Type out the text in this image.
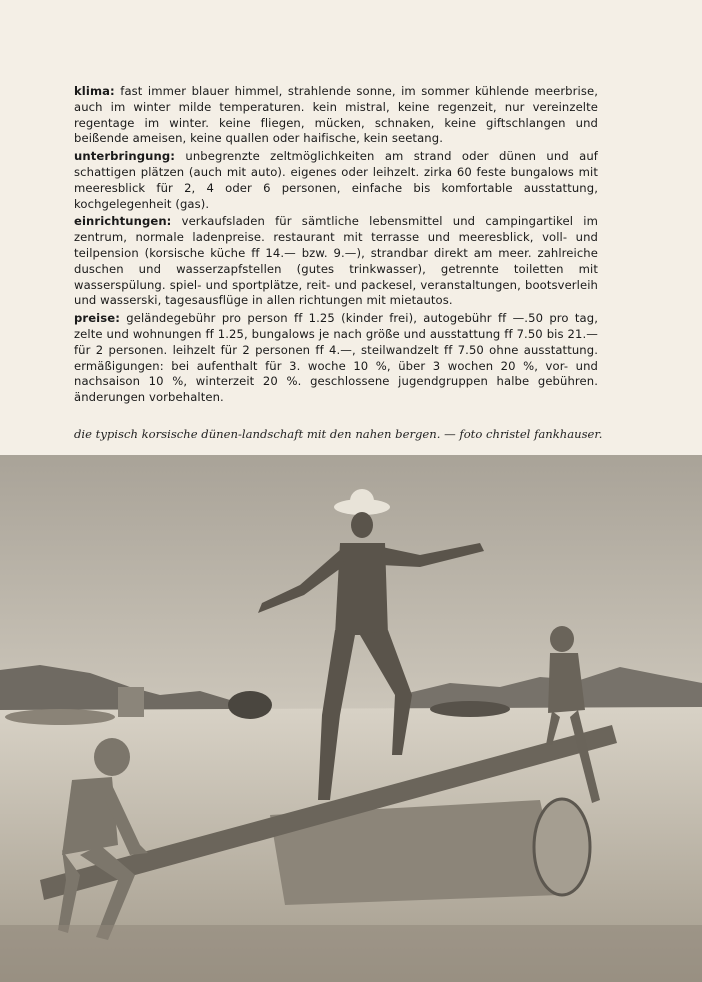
klima: fast immer blauer himmel, strahlende sonne, im sommer kühlende meerbrise, auch im winter milde temperaturen. kein mistral, keine regenzeit, nur vereinzelte regentage im winter. keine fliegen, mücken, schnaken, keine giftschlangen und beißende ameisen, keine quallen oder haifische, kein seetang.

unterbringung: unbegrenzte zeltmöglichkeiten am strand oder dünen und auf schattigen plätzen (auch mit auto). eigenes oder leihzelt. zirka 60 feste bungalows mit meeresblick für 2, 4 oder 6 personen, einfache bis komfortable ausstattung, kochgelegenheit (gas).

einrichtungen: verkaufsladen für sämtliche lebensmittel und campingartikel im zentrum, normale ladenpreise. restaurant mit terrasse und meeresblick, voll- und teilpension (korsische küche ff 14.— bzw. 9.—), strandbar direkt am meer. zahlreiche duschen und wasserzapfstellen (gutes trinkwasser), getrennte toiletten mit wasserspülung. spiel- und sportplätze, reit- und packesel, veranstaltungen, bootsverleih und wasserski, tagesausflüge in allen richtungen mit mietautos.

preise: geländegebühr pro person ff 1.25 (kinder frei), autogebühr ff —.50 pro tag, zelte und wohnungen ff 1.25, bungalows je nach größe und ausstattung ff 7.50 bis 21.— für 2 personen. leihzelt für 2 personen ff 4.—, steilwandzelt ff 7.50 ohne ausstattung. ermäßigungen: bei aufenthalt für 3. woche 10 %, über 3 wochen 20 %, vor- und nachsaison 10 %, winterzeit 20 %. geschlossene jugendgruppen halbe gebühren. änderungen vorbehalten.

die typisch korsische dünen-landschaft mit den nahen bergen. — foto christel fankhauser.
